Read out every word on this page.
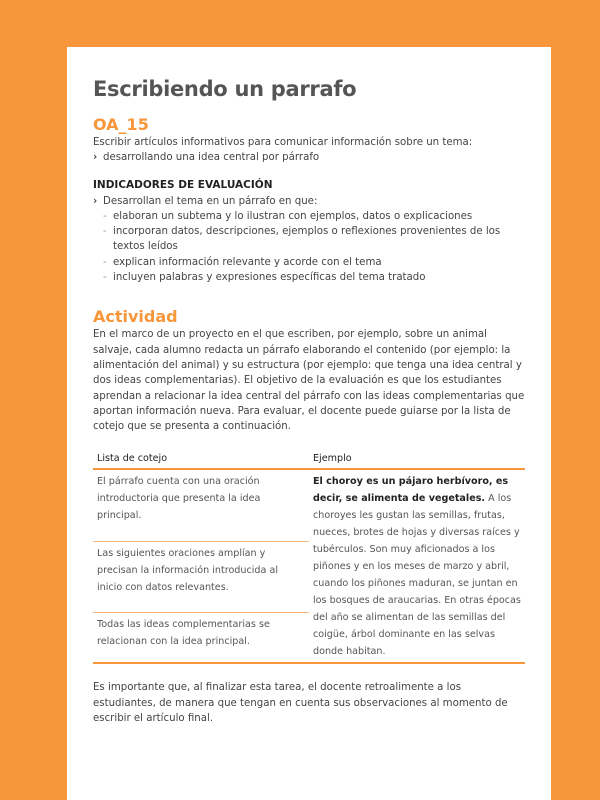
Escribiendo un parrafo
OA_15

Escribir artículos informativos para comunicar información sobre un tema:

› desarrollando una idea central por párrafo

INDICADORES DE EVALUACIÓN

› Desarrollan el tema en un párrafo en que:

- elaboran un subtema y lo ilustran con ejemplos, datos o explicaciones

- incorporan datos, descripciones, ejemplos o reflexiones provenientes de los textos leídos

- explican información relevante y acorde con el tema

- incluyen palabras y expresiones específicas del tema tratado

Actividad

En el marco de un proyecto en el que escriben, por ejemplo, sobre un animal salvaje, cada alumno redacta un párrafo elaborando el contenido (por ejemplo: la alimentación del animal) y su estructura (por ejemplo: que tenga una idea central y dos ideas complementarias). El objetivo de la evaluación es que los estudiantes aprendan a relacionar la idea central del párrafo con las ideas complementarias que aportan información nueva. Para evaluar, el docente puede guiarse por la lista de cotejo que se presenta a continuación.

Lista de cotejo	Ejemplo
El párrafo cuenta con una oración introductoria que presenta la idea principal.	El choroy es un pájaro herbívoro, es decir, se alimenta de vegetales. A los choroyes les gustan las semillas, frutas, nueces, brotes de hojas y diversas raíces y tubérculos. Son muy aficionados a los piñones y en los meses de marzo y abril, cuando los piñones maduran, se juntan en los bosques de araucarias. En otras épocas del año se alimentan de las semillas del coigüe, árbol dominante en las selvas donde habitan.
Las siguientes oraciones amplían y precisan la información introducida al inicio con datos relevantes.	
Todas las ideas complementarias se relacionan con la idea principal.	

Es importante que, al finalizar esta tarea, el docente retroalimente a los estudiantes, de manera que tengan en cuenta sus observaciones al momento de escribir el artículo final.
